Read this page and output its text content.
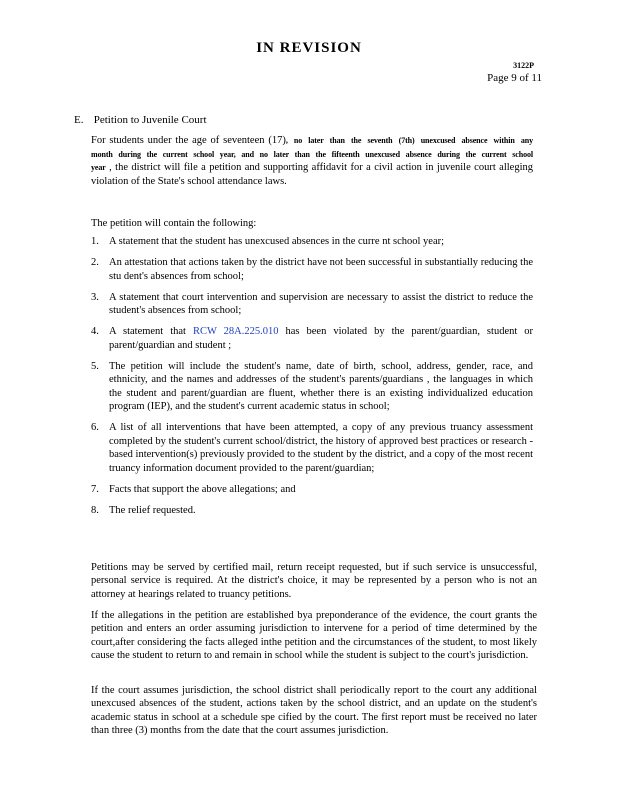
IN REVISION
3122P
Page 9 of 11
E. Petition to Juvenile Court
For students under the age of seventeen (17), no later than the seventh (7th) unexcused absence within any month during the current school year, and no later than the fifteenth unexcused absence during the current school year , the district will file a petition and supporting affidavit for a civil action in juvenile court alleging violation of the State's school attendance laws.
The petition will contain the following:
1. A statement that the student has unexcused absences in the curre nt school year;
2. An attestation that actions taken by the district have not been successful in substantially reducing the stu dent's absences from school;
3. A statement that court intervention and supervision are necessary to assist the district to reduce the student's absences from school;
4. A statement that RCW 28A.225.010 has been violated by the parent/guardian, student or parent/guardian and student ;
5. The petition will include the student's name, date of birth, school, address, gender, race, and ethnicity, and the names and addresses of the student's parents/guardians , the languages in which the student and parent/guardian are fluent, whether there is an existing individualized education program (IEP), and the student's current academic status in school;
6. A list of all interventions that have been attempted, a copy of any previous truancy assessment completed by the student's current school/district, the history of approved best practices or research - based intervention(s) previously provided to the student by the district, and a copy of the most recent truancy information document provided to the parent/guardian;
7. Facts that support the above allegations; and
8. The relief requested.

Petitions may be served by certified mail, return receipt requested, but if such service is unsuccessful, personal service is required. At the district's choice, it may be represented by a person who is not an attorney at hearings related to truancy petitions.

If the allegations in the petition are established bya preponderance of the evidence, the court grants the petition and enters an order assuming jurisdiction to intervene for a period of time determined by the court,after considering the facts alleged inthe petition and the circumstances of the student, to most likely cause the student to return to and remain in school while the student is subject to the court's jurisdiction.

If the court assumes jurisdiction, the school district shall periodically report to the court any additional unexcused absences of the student, actions taken by the school district, and an update on the student's academic status in school at a schedule spe cified by the court. The first report must be received no later than three (3) months from the date that the court assumes jurisdiction.
